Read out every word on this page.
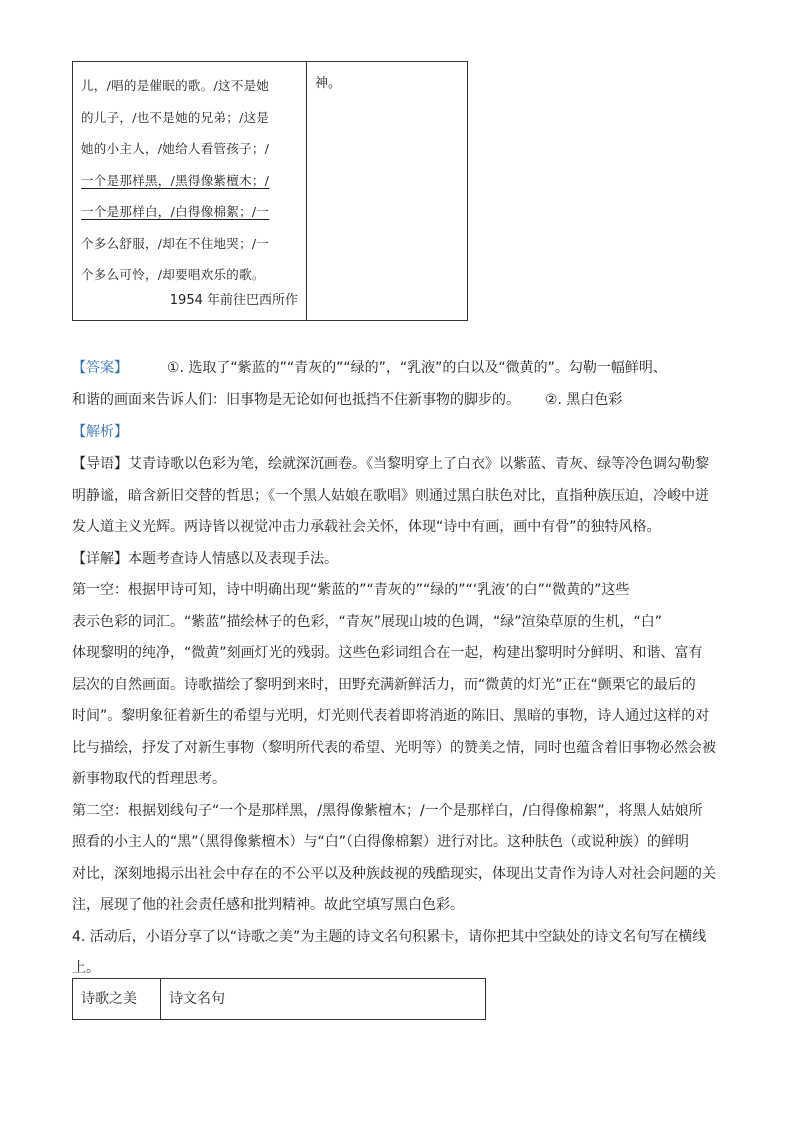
儿，/唱的是催眠的歌。/这不是她
的儿子，/也不是她的兄弟；/这是
她的小主人，/她给人看管孩子；/
一个是那样黑，/黑得像紫檀木；/
一个是那样白，/白得像棉絮；/一
个多么舒服，/却在不住地哭；/一
个多么可怜，/却要唱欢乐的歌。
1954 年前往巴西所作
神。
【答案】	①. 选取了“紫蓝的”“青灰的”“绿的”，“乳液”的白以及“微黄的”。勾勒一幅鲜明、
和谐的画面来告诉人们：旧事物是无论如何也抵挡不住新事物的脚步的。 ②. 黑白色彩
【解析】
【导语】艾青诗歌以色彩为笔，绘就深沉画卷。《当黎明穿上了白衣》以紫蓝、青灰、绿等冷色调勾勒黎
明静谧，暗含新旧交替的哲思；《一个黑人姑娘在歌唱》则通过黑白肤色对比，直指种族压迫，冷峻中迸
发人道主义光辉。两诗皆以视觉冲击力承载社会关怀，体现“诗中有画，画中有骨”的独特风格。
【详解】本题考查诗人情感以及表现手法。
第一空：根据甲诗可知，诗中明确出现“紫蓝的”“青灰的”“绿的”“‘乳液’的白”“微黄的”这些
表示色彩的词汇。“紫蓝”描绘林子的色彩，“青灰”展现山坡的色调，“绿”渲染草原的生机，“白”
体现黎明的纯净，“微黄”刻画灯光的残弱。这些色彩词组合在一起，构建出黎明时分鲜明、和谐、富有
层次的自然画面。诗歌描绘了黎明到来时，田野充满新鲜活力，而“微黄的灯光”正在“颤栗它的最后的
时间”。黎明象征着新生的希望与光明，灯光则代表着即将消逝的陈旧、黑暗的事物，诗人通过这样的对
比与描绘，抒发了对新生事物（黎明所代表的希望、光明等）的赞美之情，同时也蕴含着旧事物必然会被
新事物取代的哲理思考。
第二空：根据划线句子“一个是那样黑，/黑得像紫檀木；/一个是那样白，/白得像棉絮”，将黑人姑娘所
照看的小主人的“黑”（黑得像紫檀木）与“白”（白得像棉絮）进行对比。这种肤色（或说种族）的鲜明
对比，深刻地揭示出社会中存在的不公平以及种族歧视的残酷现实，体现出艾青作为诗人对社会问题的关
注，展现了他的社会责任感和批判精神。故此空填写黑白色彩。
4. 活动后，小语分享了以“诗歌之美”为主题的诗文名句积累卡，请你把其中空缺处的诗文名句写在横线
上。
诗歌之美	诗文名句
